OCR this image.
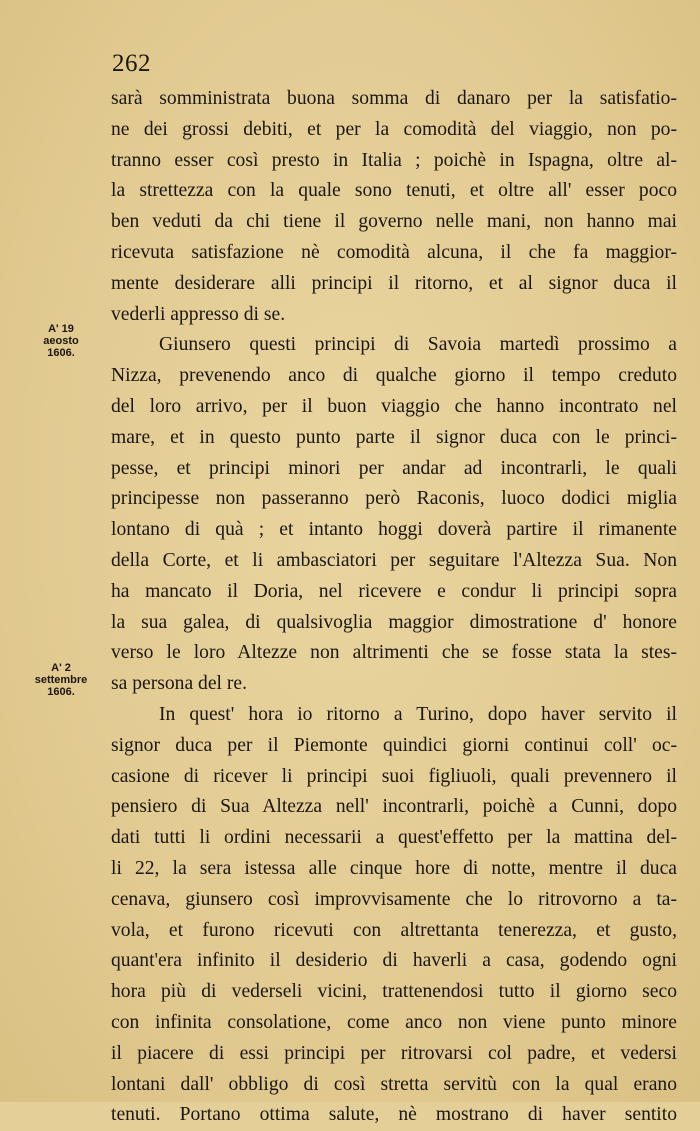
262
A' 19
aeosto
1606.
A' 2
settembre
1606.
sarà somministrata buona somma di danaro per la satisfatio-
ne dei grossi debiti, et per la comodità del viaggio, non po-
tranno esser così presto in Italia ; poichè in Ispagna, oltre al-
la strettezza con la quale sono tenuti, et oltre all' esser poco
ben veduti da chi tiene il governo nelle mani, non hanno mai
ricevuta satisfazione nè comodità alcuna, il che fa maggior-
mente desiderare alli principi il ritorno, et al signor duca il
vederli appresso di se.
Giunsero questi principi di Savoia martedì prossimo a
Nizza, prevenendo anco di qualche giorno il tempo creduto
del loro arrivo, per il buon viaggio che hanno incontrato nel
mare, et in questo punto parte il signor duca con le princi-
pesse, et principi minori per andar ad incontrarli, le quali
principesse non passeranno però Raconis, luoco dodici miglia
lontano di quà ; et intanto hoggi doverà partire il rimanente
della Corte, et li ambasciatori per seguitare l'Altezza Sua. Non
ha mancato il Doria, nel ricevere e condur li principi sopra
la sua galea, di qualsivoglia maggior dimostratione d' honore
verso le loro Altezze non altrimenti che se fosse stata la stes-
sa persona del re.
In quest' hora io ritorno a Turino, dopo haver servito il
signor duca per il Piemonte quindici giorni continui coll' oc-
casione di ricever li principi suoi figliuoli, quali prevennero il
pensiero di Sua Altezza nell' incontrarli, poichè a Cunni, dopo
dati tutti li ordini necessarii a quest'effetto per la mattina del-
li 22, la sera istessa alle cinque hore di notte, mentre il duca
cenava, giunsero così improvvisamente che lo ritrovorno a ta-
vola, et furono ricevuti con altrettanta tenerezza, et gusto,
quant'era infinito il desiderio di haverli a casa, godendo ogni
hora più di vederseli vicini, trattenendosi tutto il giorno seco
con infinita consolatione, come anco non viene punto minore
il piacere di essi principi per ritrovarsi col padre, et vedersi
lontani dall' obbligo di così stretta servitù con la qual erano
tenuti. Portano ottima salute, nè mostrano di haver sentito
